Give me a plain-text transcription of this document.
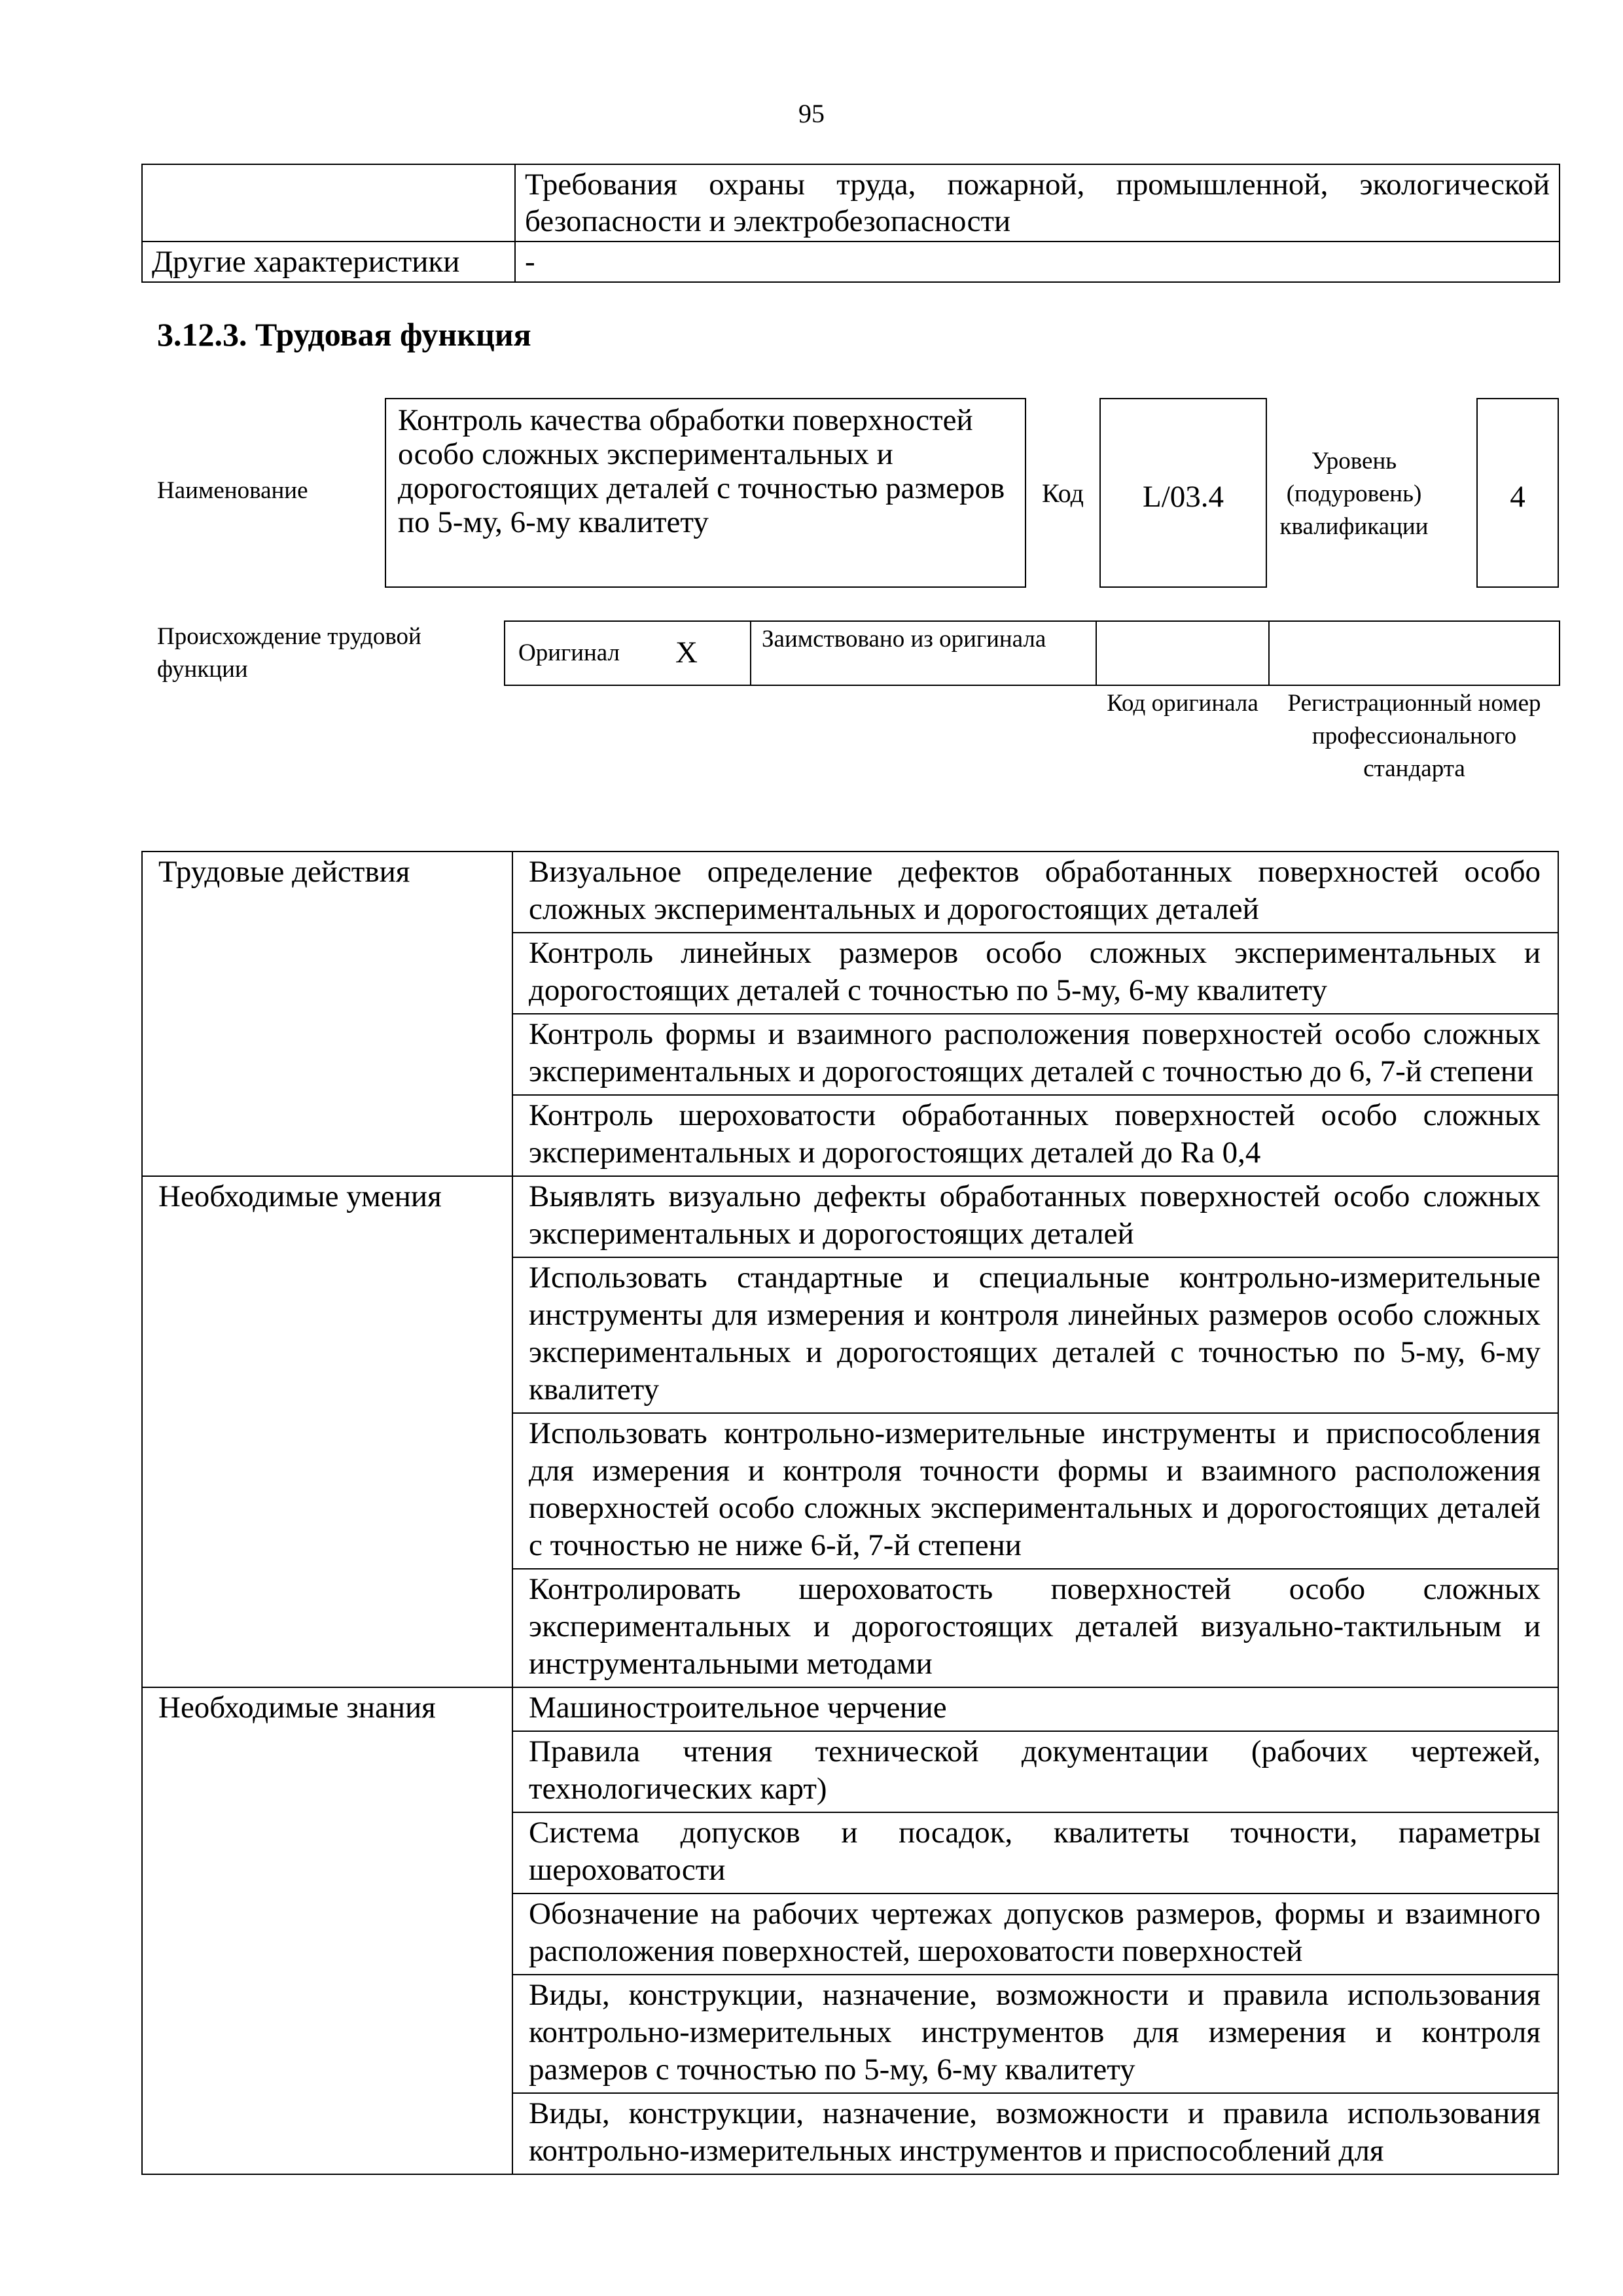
95
	Требования охраны труда, пожарной, промышленной, экологической безопасности и электробезопасности
Другие характеристики	-
3.12.3. Трудовая функция
Наименование
Контроль качества обработки поверхностей особо сложных экспериментальных и дорогостоящих деталей с точностью размеров по 5-му, 6-му квалитету
Код	L/03.4
Уровень (подуровень) квалификации
4
Происхождение трудовой функции
Оригинал X	Заимствовано из оригинала
Код оригинала	Регистрационный номер профессионального стандарта
Трудовые действия	Визуальное определение дефектов обработанных поверхностей особо сложных экспериментальных и дорогостоящих деталей
	Контроль линейных размеров особо сложных экспериментальных и дорогостоящих деталей с точностью по 5-му, 6-му квалитету
	Контроль формы и взаимного расположения поверхностей особо сложных экспериментальных и дорогостоящих деталей с точностью до 6, 7-й степени
	Контроль шероховатости обработанных поверхностей особо сложных экспериментальных и дорогостоящих деталей до Ra 0,4
Необходимые умения	Выявлять визуально дефекты обработанных поверхностей особо сложных экспериментальных и дорогостоящих деталей
	Использовать стандартные и специальные контрольно-измерительные инструменты для измерения и контроля линейных размеров особо сложных экспериментальных и дорогостоящих деталей с точностью по 5-му, 6-му квалитету
	Использовать контрольно-измерительные инструменты и приспособления для измерения и контроля точности формы и взаимного расположения поверхностей особо сложных экспериментальных и дорогостоящих деталей с точностью не ниже 6-й, 7-й степени
	Контролировать шероховатость поверхностей особо сложных экспериментальных и дорогостоящих деталей визуально-тактильным и инструментальными методами
Необходимые знания	Машиностроительное черчение
	Правила чтения технической документации (рабочих чертежей, технологических карт)
	Система допусков и посадок, квалитеты точности, параметры шероховатости
	Обозначение на рабочих чертежах допусков размеров, формы и взаимного расположения поверхностей, шероховатости поверхностей
	Виды, конструкции, назначение, возможности и правила использования контрольно-измерительных инструментов для измерения и контроля размеров с точностью по 5-му, 6-му квалитету
	Виды, конструкции, назначение, возможности и правила использования контрольно-измерительных инструментов и приспособлений для
